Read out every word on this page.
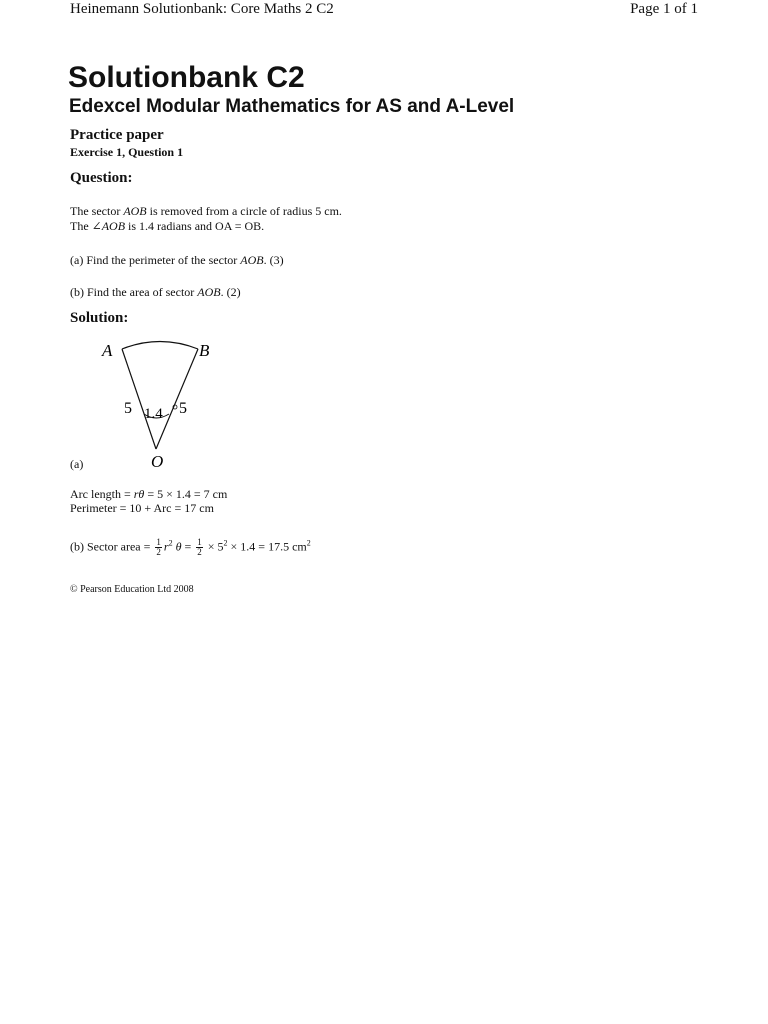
Heinemann Solutionbank: Core Maths 2 C2	Page 1 of 1
Solutionbank C2
Edexcel Modular Mathematics for AS and A-Level
Practice paper
Exercise 1, Question 1
Question:
The sector AOB is removed from a circle of radius 5 cm.
The ∠AOB is 1.4 radians and OA = OB.
(a) Find the perimeter of the sector AOB. (3)
(b) Find the area of sector AOB. (2)
Solution:
A	B
O
5	5
1.4
(a)
Arc length = rθ = 5 × 1.4 = 7 cm
Perimeter = 10 + Arc = 17 cm
(b) Sector area = $\frac{1}{2} r^2$ $\theta = \frac{1}{2} \times 5^2 \times 1.4 = 17.5$ $cm^2$
© Pearson Education Ltd 2008
